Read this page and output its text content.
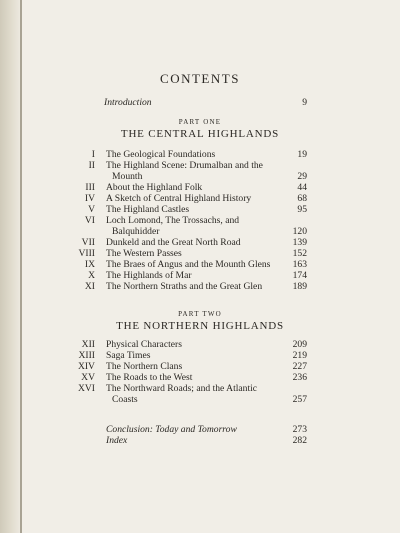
CONTENTS
Introduction	9
PART ONE
THE CENTRAL HIGHLANDS
I The Geological Foundations	19
II The Highland Scene: Drumalban and the
Mounth	29
III About the Highland Folk	44
IV A Sketch of Central Highland History	68
V The Highland Castles	95
VI Loch Lomond, The Trossachs, and
Balquhidder	120
VII Dunkeld and the Great North Road	139
VIII The Western Passes	152
IX The Braes of Angus and the Mounth Glens	163
X The Highlands of Mar	174
XI The Northern Straths and the Great Glen	189
PART TWO
THE NORTHERN HIGHLANDS
XII Physical Characters	209
XIII Saga Times	219
XIV The Northern Clans	227
XV The Roads to the West	236
XVI The Northward Roads; and the Atlantic
Coasts	257
Conclusion: Today and Tomorrow	273
Index	282
